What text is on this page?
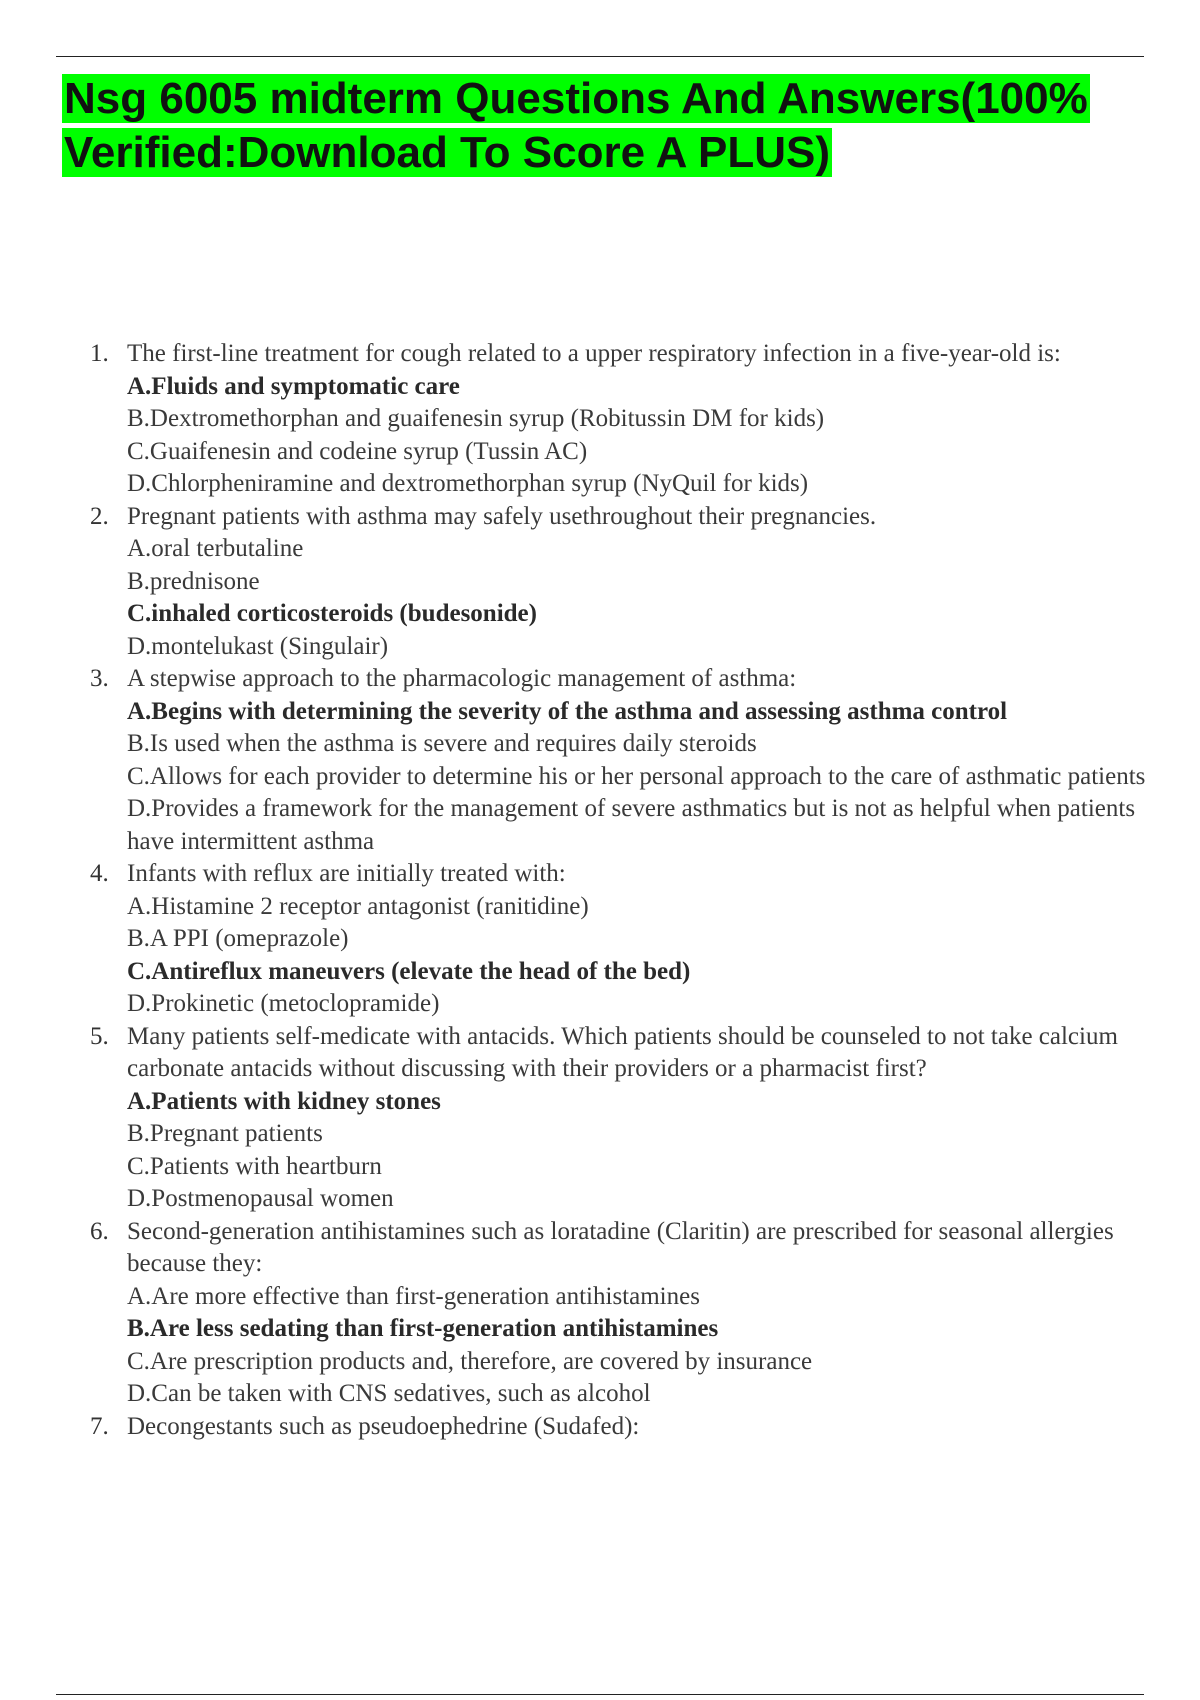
Nsg 6005 midterm Questions And Answers(100% Verified:Download To Score A PLUS)
1. The first-line treatment for cough related to a upper respiratory infection in a five-year-old is:
A.Fluids and symptomatic care
B.Dextromethorphan and guaifenesin syrup (Robitussin DM for kids)
C.Guaifenesin and codeine syrup (Tussin AC)
D.Chlorpheniramine and dextromethorphan syrup (NyQuil for kids)
2. Pregnant patients with asthma may safely usethroughout their pregnancies.
A.oral terbutaline
B.prednisone
C.inhaled corticosteroids (budesonide)
D.montelukast (Singulair)
3. A stepwise approach to the pharmacologic management of asthma:
A.Begins with determining the severity of the asthma and assessing asthma control
B.Is used when the asthma is severe and requires daily steroids
C.Allows for each provider to determine his or her personal approach to the care of asthmatic patients
D.Provides a framework for the management of severe asthmatics but is not as helpful when patients have intermittent asthma
4. Infants with reflux are initially treated with:
A.Histamine 2 receptor antagonist (ranitidine)
B.A PPI (omeprazole)
C.Antireflux maneuvers (elevate the head of the bed)
D.Prokinetic (metoclopramide)
5. Many patients self-medicate with antacids. Which patients should be counseled to not take calcium carbonate antacids without discussing with their providers or a pharmacist first?
A.Patients with kidney stones
B.Pregnant patients
C.Patients with heartburn
D.Postmenopausal women
6. Second-generation antihistamines such as loratadine (Claritin) are prescribed for seasonal allergies because they:
A.Are more effective than first-generation antihistamines
B.Are less sedating than first-generation antihistamines
C.Are prescription products and, therefore, are covered by insurance
D.Can be taken with CNS sedatives, such as alcohol
7. Decongestants such as pseudoephedrine (Sudafed):
